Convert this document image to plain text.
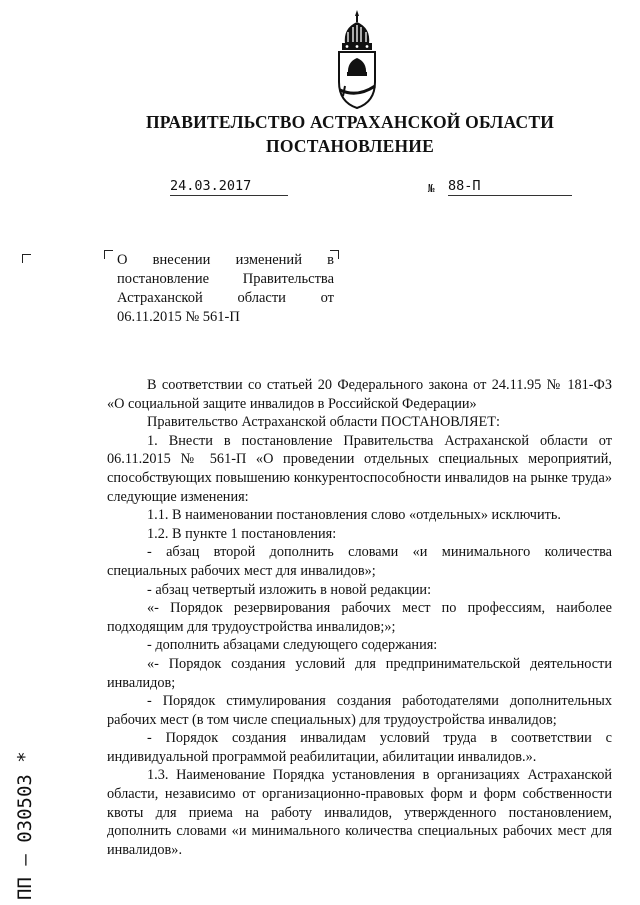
ПРАВИТЕЛЬСТВО АСТРАХАНСКОЙ ОБЛАСТИ
ПОСТАНОВЛЕНИЕ
24.03.2017	№ 88-П
О внесении изменений в постановление Правительства Астраханской области от 06.11.2015 № 561-П

В соответствии со статьей 20 Федерального закона от 24.11.95 № 181-ФЗ «О социальной защите инвалидов в Российской Федерации»

Правительство Астраханской области ПОСТАНОВЛЯЕТ:

1. Внести в постановление Правительства Астраханской области от 06.11.2015 № 561-П «О проведении отдельных специальных мероприятий, способствующих повышению конкурентоспособности инвалидов на рынке труда» следующие изменения:

1.1. В наименовании постановления слово «отдельных» исключить.

1.2. В пункте 1 постановления:

- абзац второй дополнить словами «и минимального количества специальных рабочих мест для инвалидов»;

- абзац четвертый изложить в новой редакции:

«- Порядок резервирования рабочих мест по профессиям, наиболее подходящим для трудоустройства инвалидов;»;

- дополнить абзацами следующего содержания:

«- Порядок создания условий для предпринимательской деятельности инвалидов;

- Порядок стимулирования создания работодателями дополнительных рабочих мест (в том числе специальных) для трудоустройства инвалидов;

- Порядок создания инвалидам условий труда в соответствии с индивидуальной программой реабилитации, абилитации инвалидов.».

1.3. Наименование Порядка установления в организациях Астраханской области, независимо от организационно-правовых форм и форм собственности квоты для приема на работу инвалидов, утвержденного постановлением, дополнить словами «и минимального количества специальных рабочих мест для инвалидов».

ПП – 030503 *
